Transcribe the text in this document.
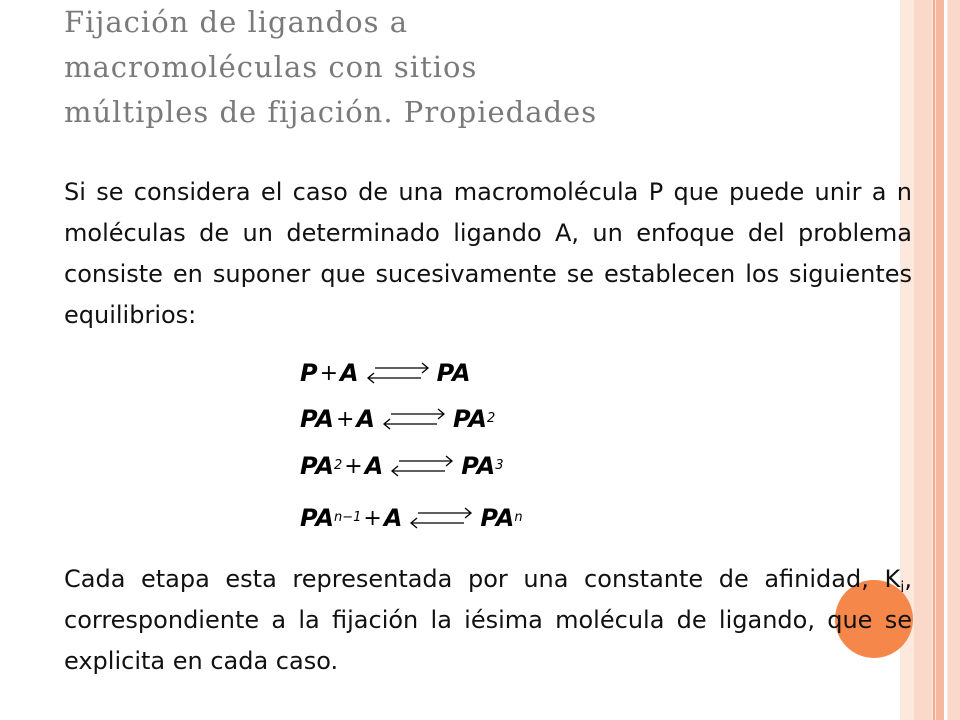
Fijación de ligandos a
macromoléculas con sitios
múltiples de fijación. Propiedades

Si se considera el caso de una macromolécula P que puede unir a n moléculas de un determinado ligando A, un enfoque del problema consiste en suponer que sucesivamente se establecen los siguientes equilibrios:

P + A ⇌ PA
PA + A ⇌ PA 2
PA 2 + A ⇌ PA 3
PA n−1 + A ⇌ PA n

Cada etapa esta representada por una constante de afinidad, $K_i$, correspondiente a la fijación la iésima molécula de ligando, que se explicita en cada caso.
